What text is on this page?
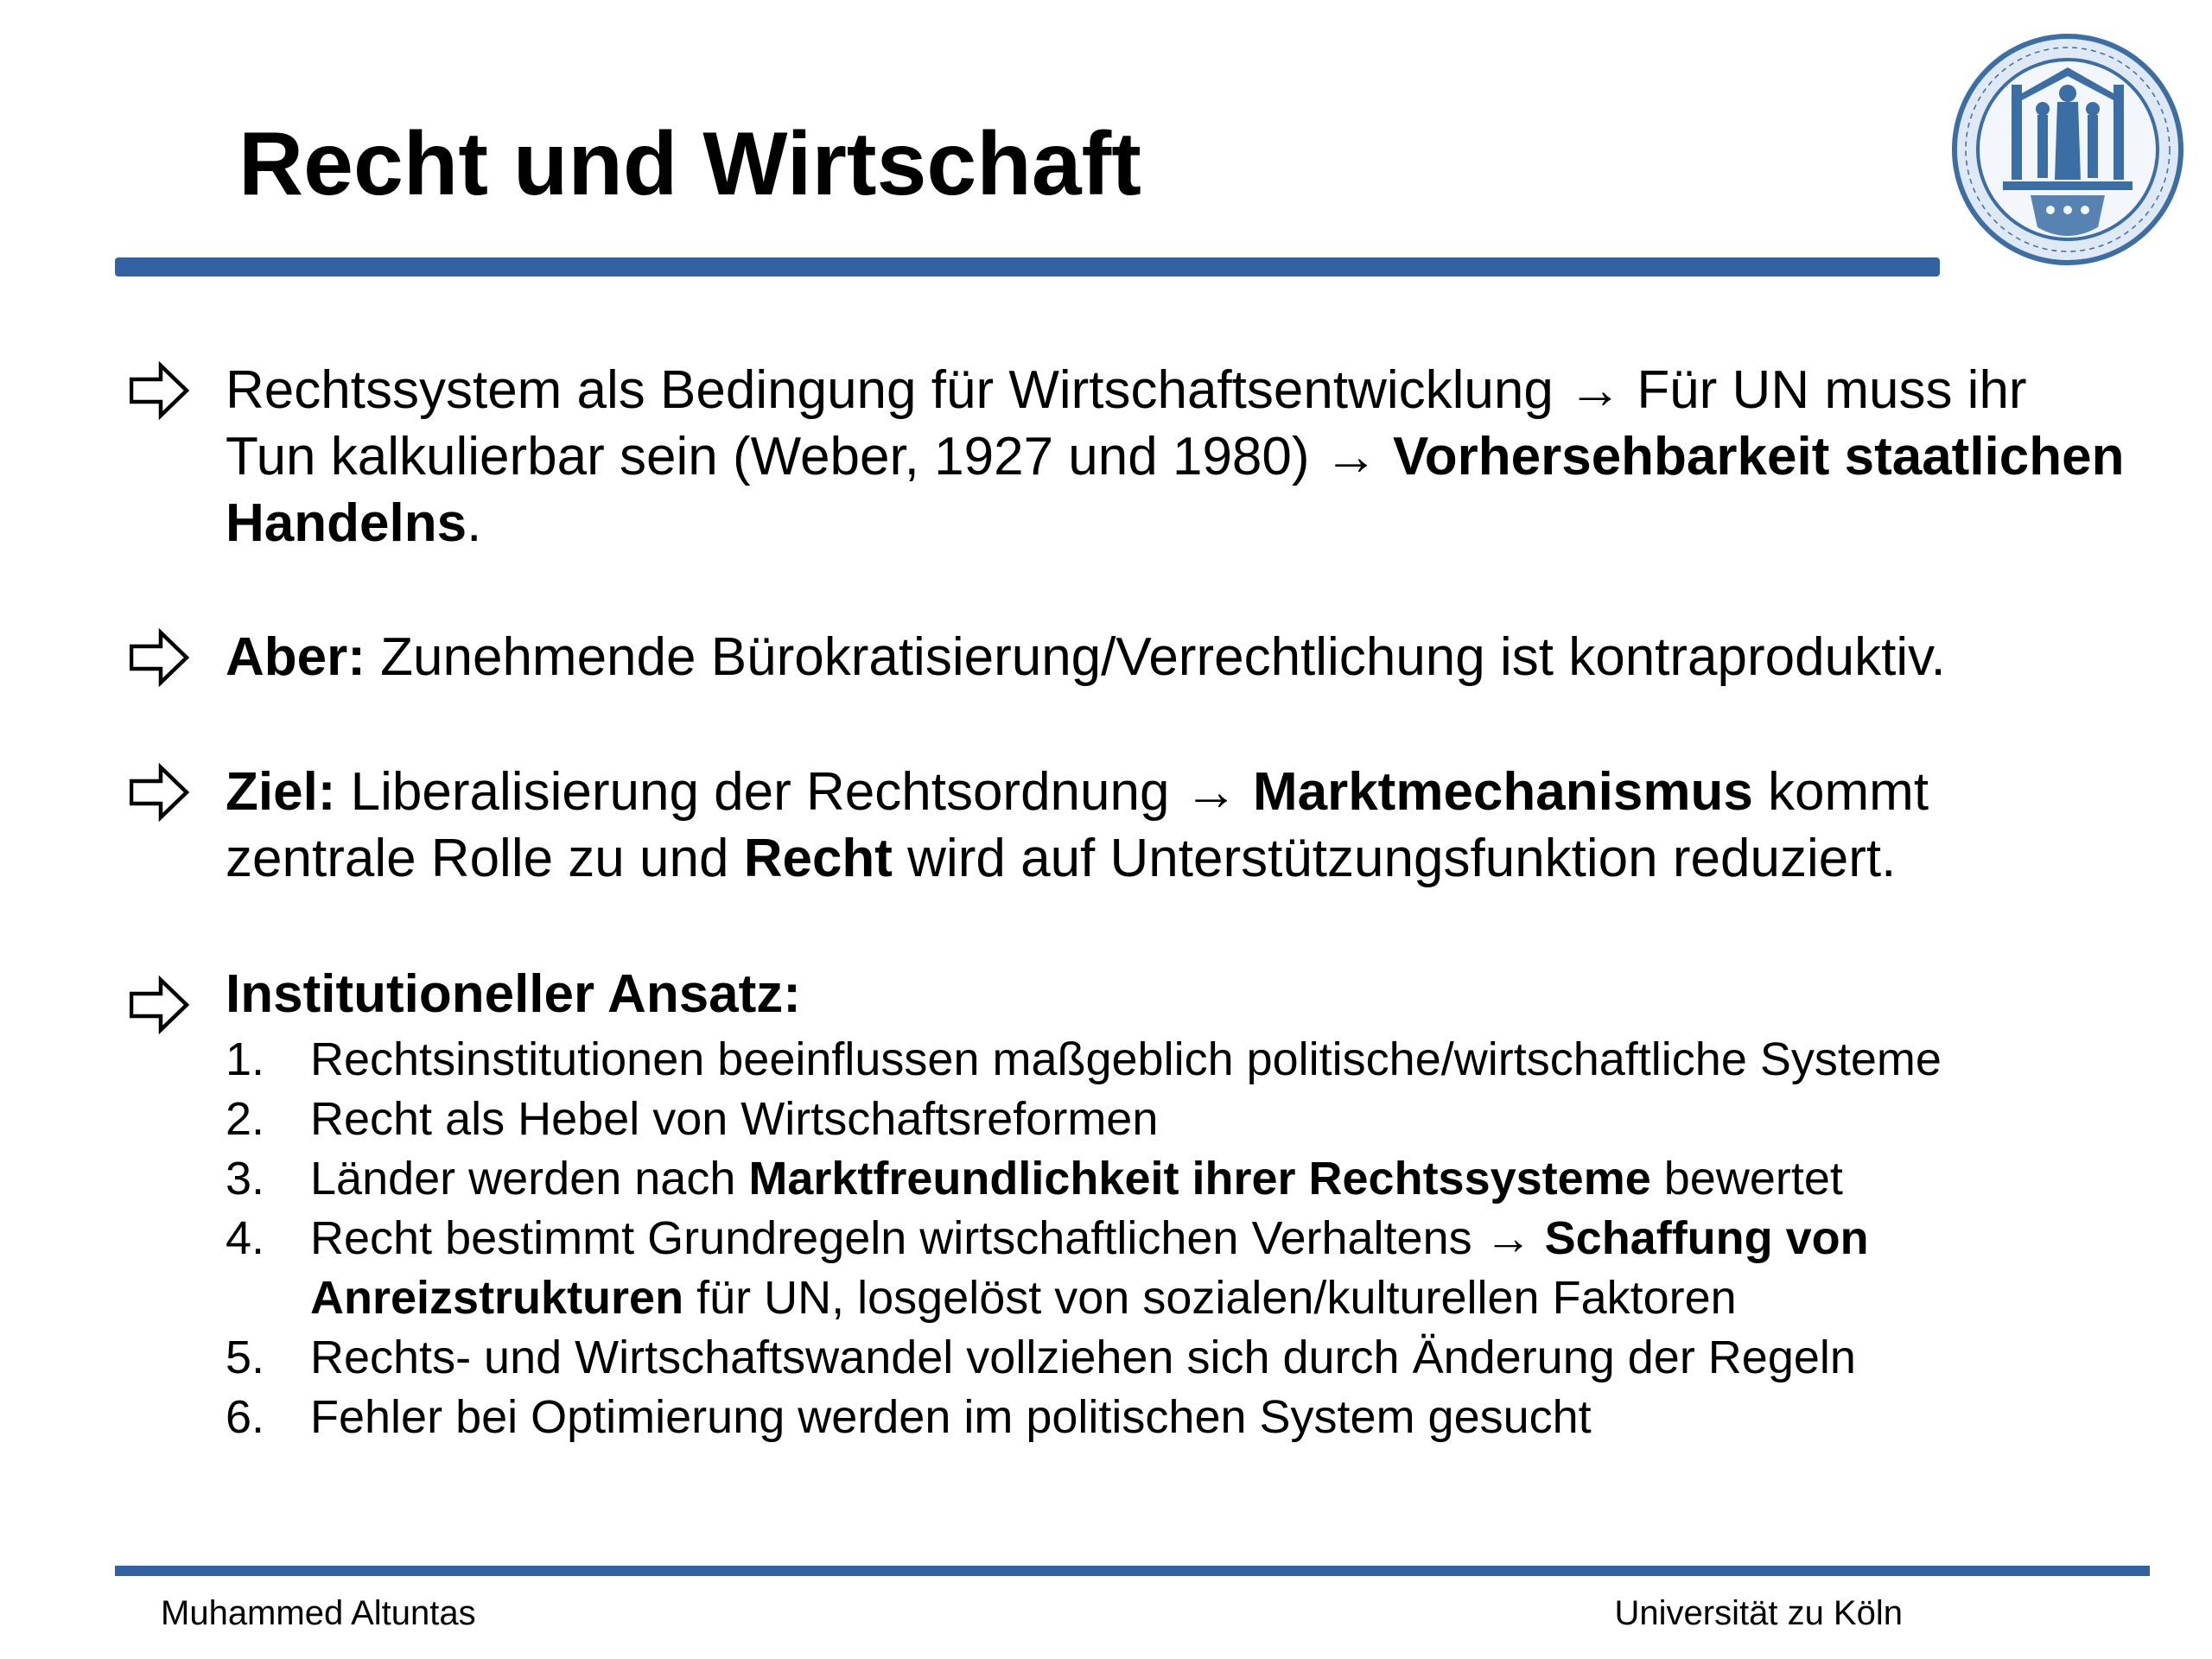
Recht und Wirtschaft

Rechtssystem als Bedingung für Wirtschaftsentwicklung → Für UN muss ihr Tun kalkulierbar sein (Weber, 1927 und 1980) → Vorhersehbarkeit staatlichen Handelns.

Aber: Zunehmende Bürokratisierung/Verrechtlichung ist kontraproduktiv.

Ziel: Liberalisierung der Rechtsordnung → Marktmechanismus kommt zentrale Rolle zu und Recht wird auf Unterstützungsfunktion reduziert.

Institutioneller Ansatz:

1. Rechtsinstitutionen beeinflussen maßgeblich politische/wirtschaftliche Systeme
2. Recht als Hebel von Wirtschaftsreformen
3. Länder werden nach Marktfreundlichkeit ihrer Rechtssysteme bewertet
4. Recht bestimmt Grundregeln wirtschaftlichen Verhaltens → Schaffung von Anreizstrukturen für UN, losgelöst von sozialen/kulturellen Faktoren
5. Rechts- und Wirtschaftswandel vollziehen sich durch Änderung der Regeln
6. Fehler bei Optimierung werden im politischen System gesucht
Muhammed Altuntas	Universität zu Köln
